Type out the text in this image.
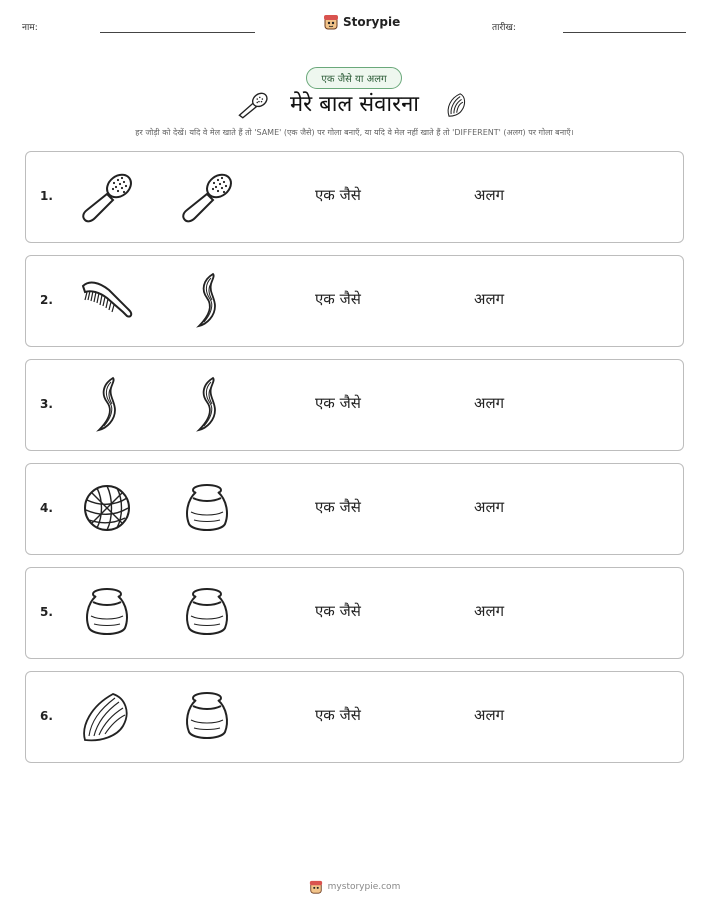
नाम:	Storypie	तारीख:
एक जैसे या अलग
मेरे बाल संवारना
हर जोड़ी को देखें। यदि वे मेल खाते हैं तो 'SAME' (एक जैसे) पर गोला बनाएँ, या यदि वे मेल नहीं खाते हैं तो 'DIFFERENT' (अलग) पर गोला बनाएँ।
1.	एक जैसे	अलग
2.	एक जैसे	अलग
3.	एक जैसे	अलग
4.	एक जैसे	अलग
5.	एक जैसे	अलग
6.	एक जैसे	अलग
mystorypie.com
